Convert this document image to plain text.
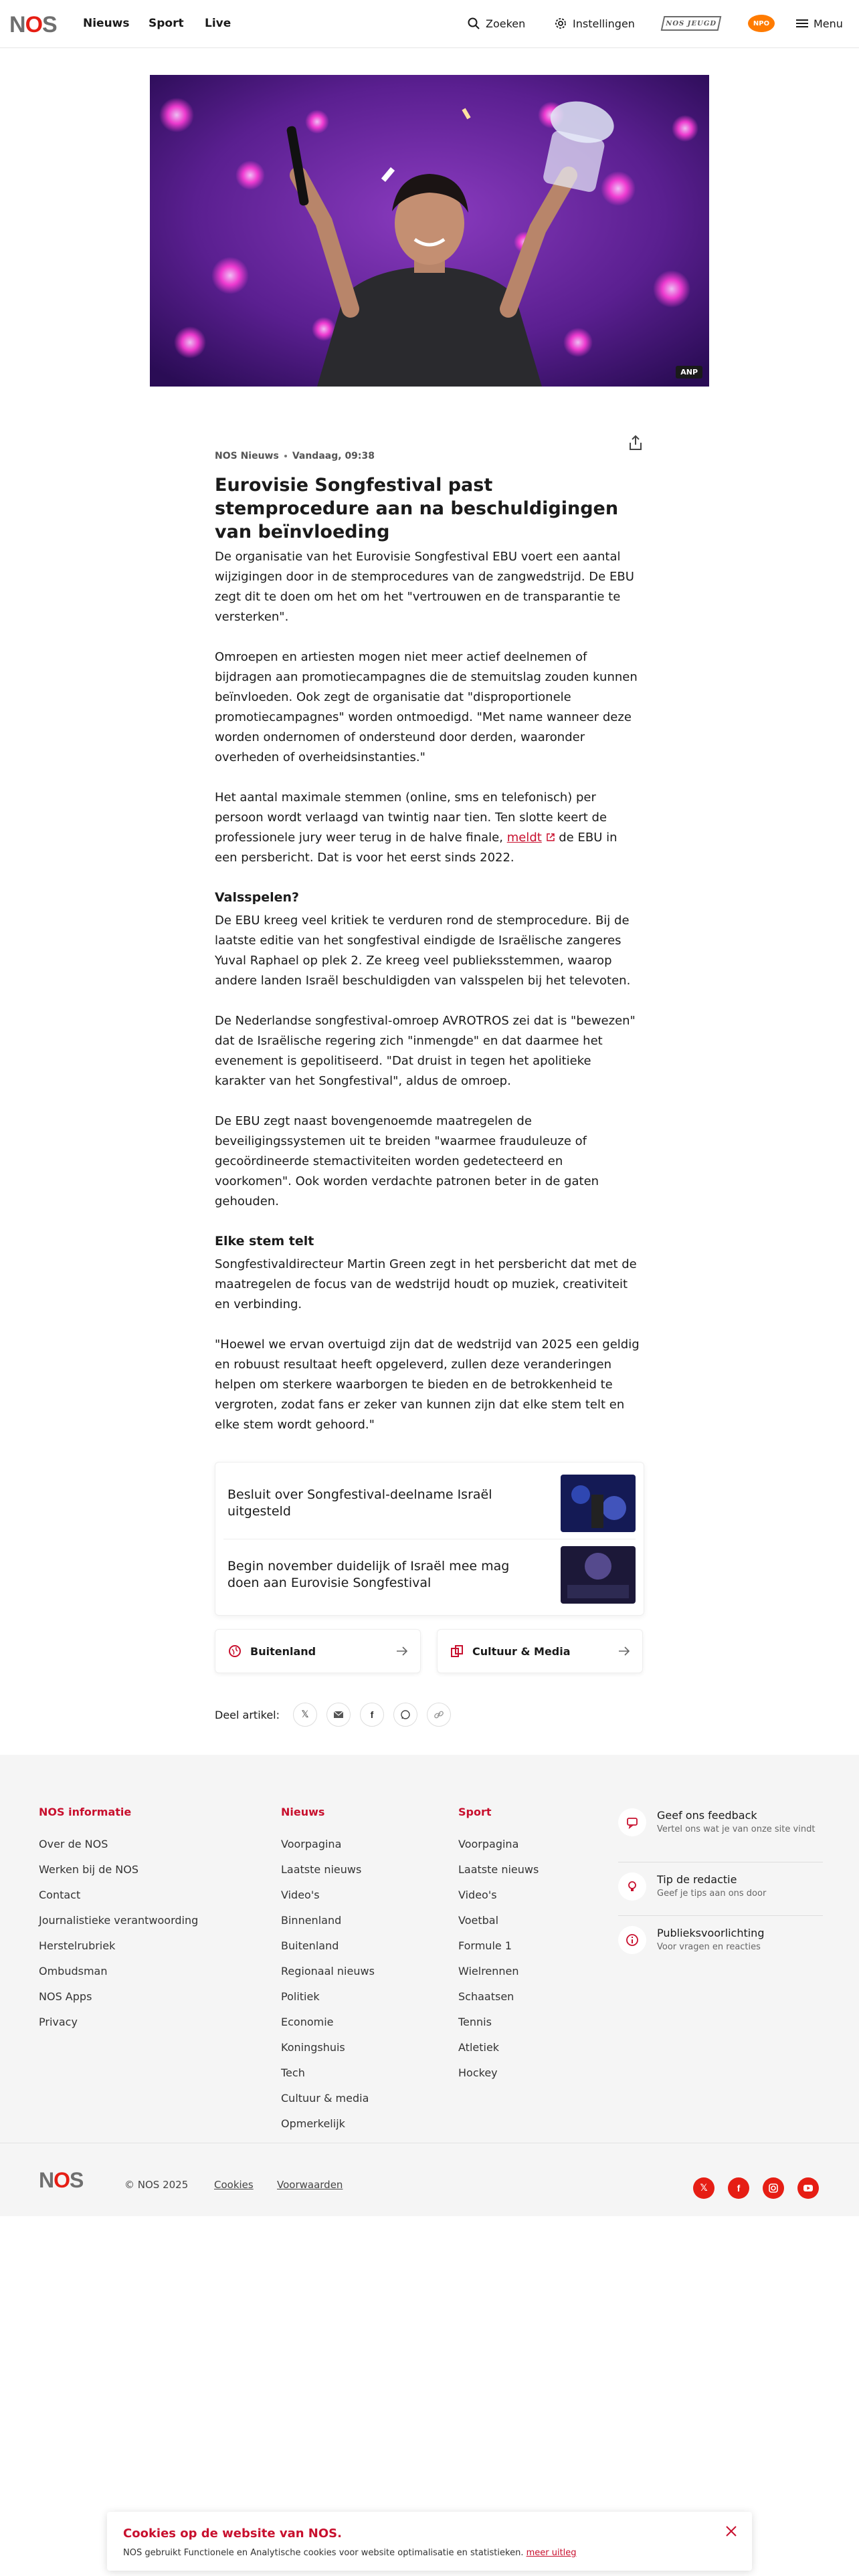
NOS Nieuws Sport Live	Zoeken	Instellingen	NOS JEUGD	NPO	Menu
ANP
NOS Nieuws Vandaag, 09:38
Eurovisie Songfestival past stemprocedure aan na beschuldigingen van beïnvloeding

De organisatie van het Eurovisie Songfestival EBU voert een aantal wijzigingen door in de stemprocedures van de zangwedstrijd. De EBU zegt dit te doen om het om het "vertrouwen en de transparantie te versterken".

Omroepen en artiesten mogen niet meer actief deelnemen of bijdragen aan promotiecampagnes die de stemuitslag zouden kunnen beïnvloeden. Ook zegt de organisatie dat "disproportionele promotiecampagnes" worden ontmoedigd. "Met name wanneer deze worden ondernomen of ondersteund door derden, waaronder overheden of overheidsinstanties."

Het aantal maximale stemmen (online, sms en telefonisch) per persoon wordt verlaagd van twintig naar tien. Ten slotte keert de professionele jury weer terug in de halve finale, meldt  de EBU in een persbericht. Dat is voor het eerst sinds 2022.

Valsspelen?

De EBU kreeg veel kritiek te verduren rond de stemprocedure. Bij de laatste editie van het songfestival eindigde de Israëlische zangeres Yuval Raphael op plek 2. Ze kreeg veel publieksstemmen, waarop andere landen Israël beschuldigden van valsspelen bij het televoten.

De Nederlandse songfestival-omroep AVROTROS zei dat is "bewezen" dat de Israëlische regering zich "inmengde" en dat daarmee het evenement is gepolitiseerd. "Dat druist in tegen het apolitieke karakter van het Songfestival", aldus de omroep.

De EBU zegt naast bovengenoemde maatregelen de beveiligingssystemen uit te breiden "waarmee frauduleuze of gecoördineerde stemactiviteiten worden gedetecteerd en voorkomen". Ook worden verdachte patronen beter in de gaten gehouden.

Elke stem telt

Songfestivaldirecteur Martin Green zegt in het persbericht dat met de maatregelen de focus van de wedstrijd houdt op muziek, creativiteit en verbinding.

"Hoewel we ervan overtuigd zijn dat de wedstrijd van 2025 een geldig en robuust resultaat heeft opgeleverd, zullen deze veranderingen helpen om sterkere waarborgen te bieden en de betrokkenheid te vergroten, zodat fans er zeker van kunnen zijn dat elke stem telt en elke stem wordt gehoord."

Besluit over Songfestival-deelname Israël uitgesteld
Begin november duidelijk of Israël mee mag doen aan Eurovisie Songfestival
Buitenland	Cultuur & Media
Deel artikel: 𝕏	f
NOS informatie
Over de NOS
Werken bij de NOS
Contact
Journalistieke verantwoording
Herstelrubriek
Ombudsman
NOS Apps
Privacy
Nieuws
Voorpagina
Laatste nieuws
Video's
Binnenland
Buitenland
Regionaal nieuws
Politiek
Economie
Koningshuis
Tech
Cultuur & media
Opmerkelijk
Sport
Voorpagina
Laatste nieuws
Video's
Voetbal
Formule 1
Wielrennen
Schaatsen
Tennis
Atletiek
Hockey
Geef ons feedback
Vertel ons wat je van onze site vindt
Tip de redactie
Geef je tips aan ons door
Publieksvoorlichting
Voor vragen en reacties
NOS	© NOS 2025	Cookies Voorwaarden	𝕏	f
Cookies op de website van NOS.
NOS gebruikt Functionele en Analytische cookies voor website optimalisatie en statistieken. meer uitleg
